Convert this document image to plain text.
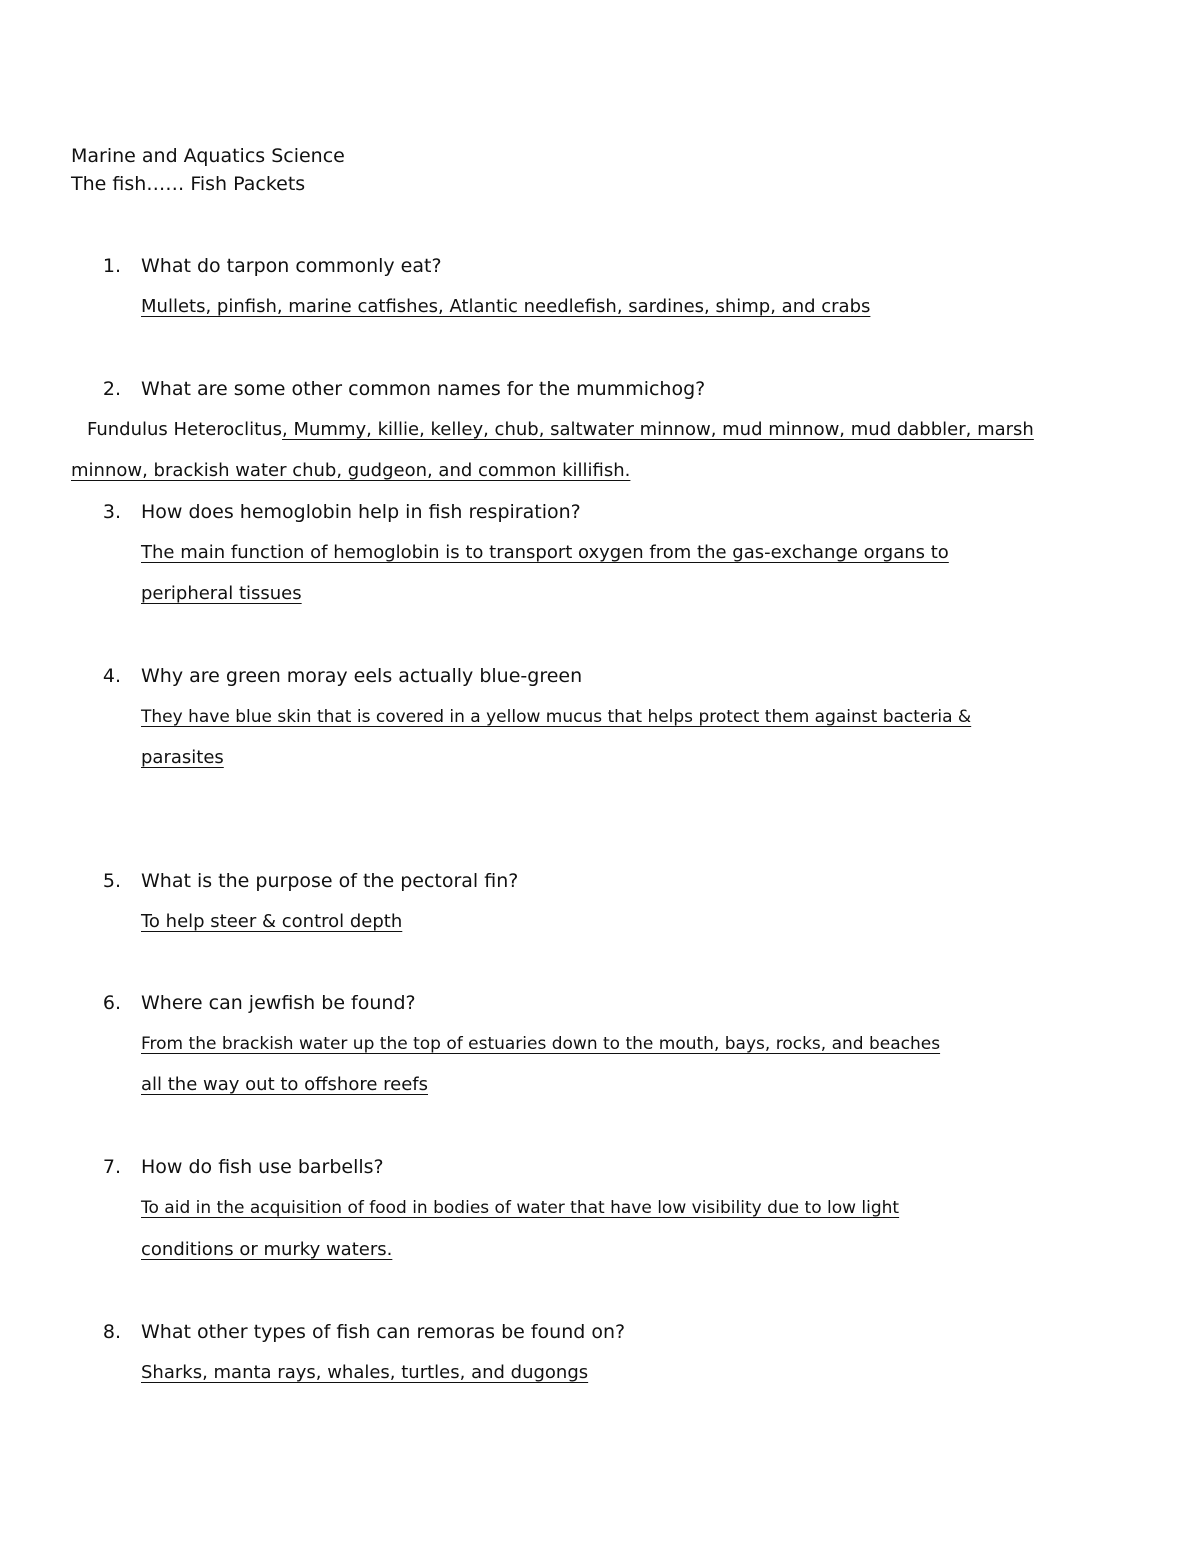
Marine and Aquatics Science
The fish…… Fish Packets
1. What do tarpon commonly eat?
Mullets, pinfish, marine catfishes, Atlantic needlefish, sardines, shimp, and crabs
2. What are some other common names for the mummichog?
Fundulus Heteroclitus, Mummy, killie, kelley, chub, saltwater minnow, mud minnow, mud dabbler, marsh
minnow, brackish water chub, gudgeon, and common killifish.
3. How does hemoglobin help in fish respiration?
The main function of hemoglobin is to transport oxygen from the gas-exchange organs to
peripheral tissues
4. Why are green moray eels actually blue-green
They have blue skin that is covered in a yellow mucus that helps protect them against bacteria &
parasites
5. What is the purpose of the pectoral fin?
To help steer & control depth
6. Where can jewfish be found?
From the brackish water up the top of estuaries down to the mouth, bays, rocks, and beaches
all the way out to offshore reefs
7. How do fish use barbells?
To aid in the acquisition of food in bodies of water that have low visibility due to low light
conditions or murky waters.
8. What other types of fish can remoras be found on?
Sharks, manta rays, whales, turtles, and dugongs
